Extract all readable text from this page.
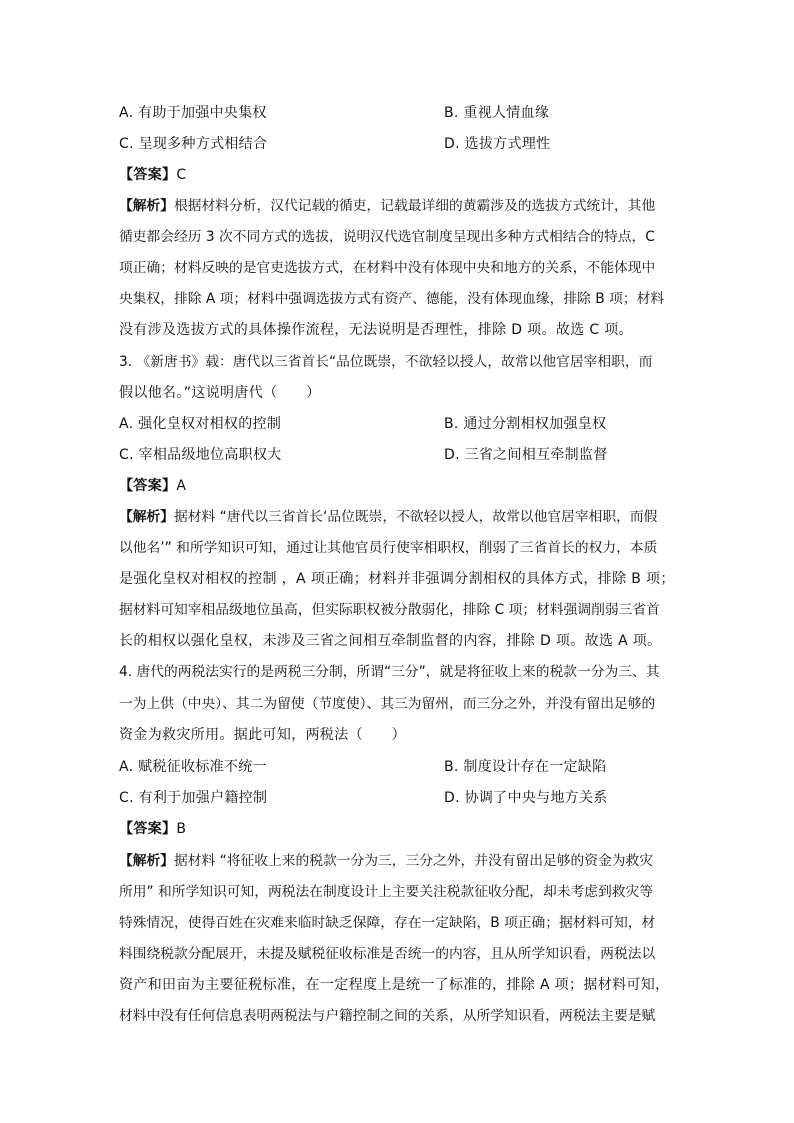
A. 有助于加强中央集权	B. 重视人情血缘
C. 呈现多种方式相结合	D. 选拔方式理性
【答案】C
【解析】根据材料分析，汉代记载的循吏，记载最详细的黄霸涉及的选拔方式统计，其他
循吏都会经历 3 次不同方式的选拔，说明汉代选官制度呈现出多种方式相结合的特点，C
项正确；材料反映的是官吏选拔方式，在材料中没有体现中央和地方的关系，不能体现中
央集权，排除 A 项；材料中强调选拔方式有资产、德能，没有体现血缘，排除 B 项；材料
没有涉及选拔方式的具体操作流程，无法说明是否理性，排除 D 项。故选 C 项。
3. 《新唐书》载：唐代以三省首长“品位既崇，不欲轻以授人，故常以他官居宰相职，而
假以他名。”这说明唐代（　　）
A. 强化皇权对相权的控制	B. 通过分割相权加强皇权
C. 宰相品级地位高职权大	D. 三省之间相互牵制监督
【答案】A
【解析】据材料 “唐代以三省首长‘品位既崇，不欲轻以授人，故常以他官居宰相职，而假
以他名’” 和所学知识可知，通过让其他官员行使宰相职权，削弱了三省首长的权力，本质
是强化皇权对相权的控制 ，A 项正确；材料并非强调分割相权的具体方式，排除 B 项；
据材料可知宰相品级地位虽高，但实际职权被分散弱化，排除 C 项；材料强调削弱三省首
长的相权以强化皇权，未涉及三省之间相互牵制监督的内容，排除 D 项。故选 A 项。
4. 唐代的两税法实行的是两税三分制，所谓“三分”，就是将征收上来的税款一分为三、其
一为上供（中央）、其二为留使（节度使）、其三为留州，而三分之外，并没有留出足够的
资金为救灾所用。据此可知，两税法（　　）
A. 赋税征收标准不统一	B. 制度设计存在一定缺陷
C. 有利于加强户籍控制	D. 协调了中央与地方关系
【答案】B
【解析】据材料 “将征收上来的税款一分为三，三分之外，并没有留出足够的资金为救灾
所用” 和所学知识可知，两税法在制度设计上主要关注税款征收分配，却未考虑到救灾等
特殊情况，使得百姓在灾难来临时缺乏保障，存在一定缺陷，B 项正确；据材料可知，材
料围绕税款分配展开，未提及赋税征收标准是否统一的内容，且从所学知识看，两税法以
资产和田亩为主要征税标准，在一定程度上是统一了标准的，排除 A 项；据材料可知，
材料中没有任何信息表明两税法与户籍控制之间的关系，从所学知识看，两税法主要是赋
